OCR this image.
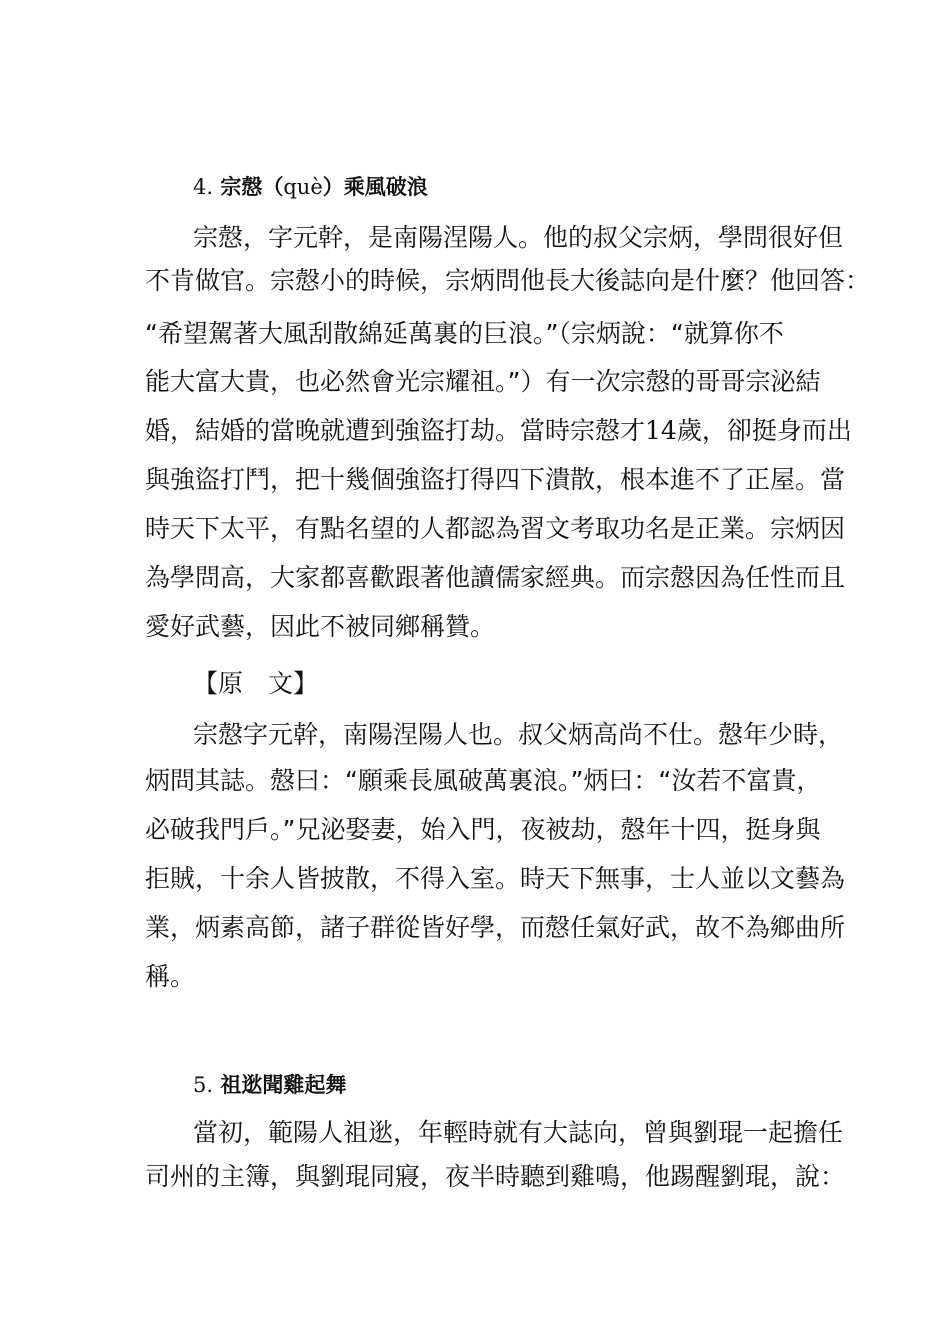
4. 宗慤（què）乘風破浪
宗慤，字元幹，是南陽涅陽人。他的叔父宗炳，學問很好但
不肯做官。宗慤小的時候，宗炳問他長大後誌向是什麼？他回答：
“希望駕著大風刮散綿延萬裏的巨浪。”（宗炳說：“就算你不
能大富大貴，也必然會光宗耀祖。”）有一次宗慤的哥哥宗泌結
婚，結婚的當晚就遭到強盜打劫。當時宗慤才14歲，卻挺身而出
與強盜打鬥，把十幾個強盜打得四下潰散，根本進不了正屋。當
時天下太平，有點名望的人都認為習文考取功名是正業。宗炳因
為學問高，大家都喜歡跟著他讀儒家經典。而宗慤因為任性而且
愛好武藝，因此不被同鄉稱贊。
【原　文】
宗慤字元幹，南陽涅陽人也。叔父炳高尚不仕。慤年少時，
炳問其誌。慤曰：“願乘長風破萬裏浪。”炳曰：“汝若不富貴，
必破我門戶。”兄泌娶妻，始入門，夜被劫，慤年十四，挺身與
拒賊，十余人皆披散，不得入室。時天下無事，士人並以文藝為
業，炳素高節，諸子群從皆好學，而慤任氣好武，故不為鄉曲所
稱。
5. 祖逖聞雞起舞
當初，範陽人祖逖，年輕時就有大誌向，曾與劉琨一起擔任
司州的主簿，與劉琨同寢，夜半時聽到雞鳴，他踢醒劉琨，說：
